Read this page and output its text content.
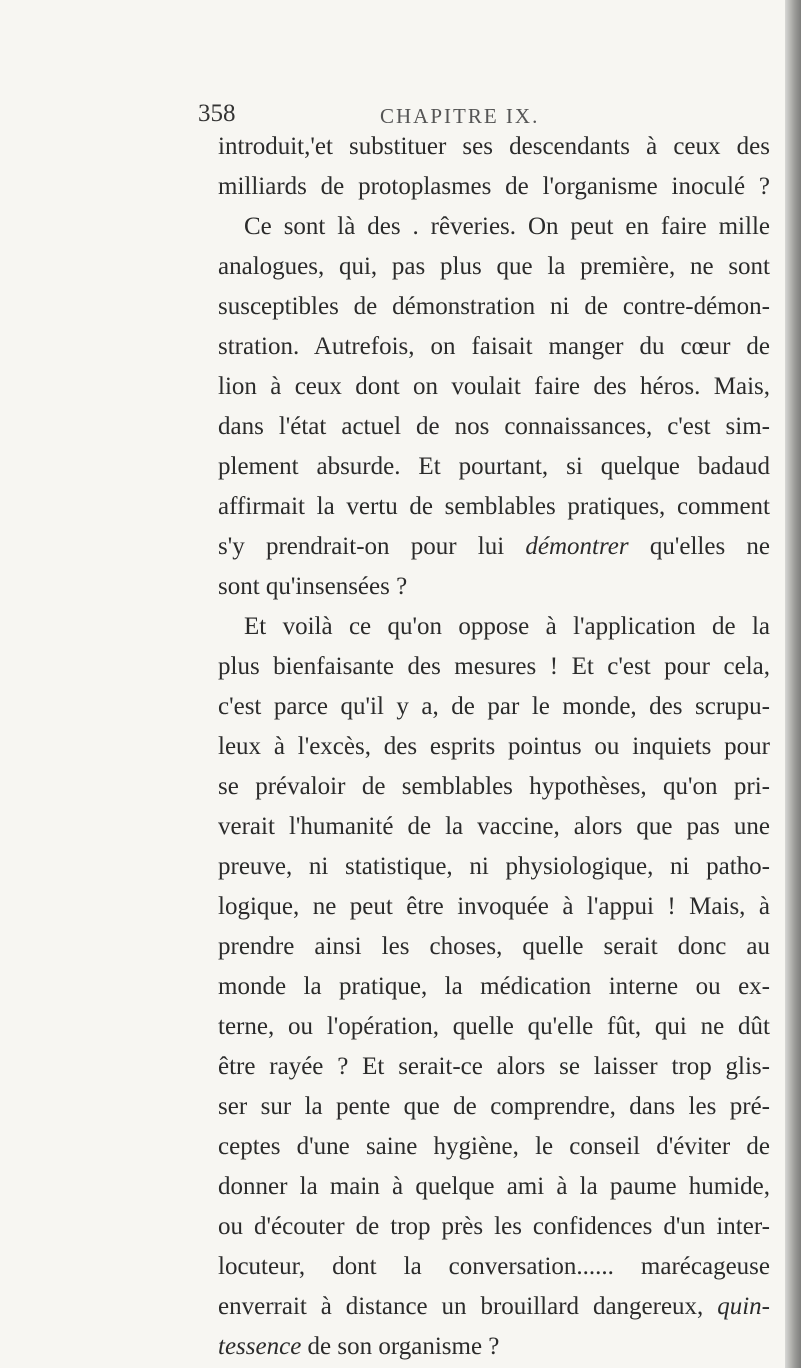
358	CHAPITRE IX.
introduit,'et substituer ses descendants à ceux des
milliards de protoplasmes de l'organisme inoculé ?
Ce sont là des . rêveries. On peut en faire mille
analogues, qui, pas plus que la première, ne sont
susceptibles de démonstration ni de contre-démon-
stration. Autrefois, on faisait manger du cœur de
lion à ceux dont on voulait faire des héros. Mais,
dans l'état actuel de nos connaissances, c'est sim-
plement absurde. Et pourtant, si quelque badaud
affirmait la vertu de semblables pratiques, comment
s'y prendrait-on pour lui démontrer qu'elles ne
sont qu'insensées ?
Et voilà ce qu'on oppose à l'application de la
plus bienfaisante des mesures ! Et c'est pour cela,
c'est parce qu'il y a, de par le monde, des scrupu-
leux à l'excès, des esprits pointus ou inquiets pour
se prévaloir de semblables hypothèses, qu'on pri-
verait l'humanité de la vaccine, alors que pas une
preuve, ni statistique, ni physiologique, ni patho-
logique, ne peut être invoquée à l'appui ! Mais, à
prendre ainsi les choses, quelle serait donc au
monde la pratique, la médication interne ou ex-
terne, ou l'opération, quelle qu'elle fût, qui ne dût
être rayée ? Et serait-ce alors se laisser trop glis-
ser sur la pente que de comprendre, dans les pré-
ceptes d'une saine hygiène, le conseil d'éviter de
donner la main à quelque ami à la paume humide,
ou d'écouter de trop près les confidences d'un inter-
locuteur, dont la conversation...... marécageuse
enverrait à distance un brouillard dangereux, quin-
tessence de son organisme ?
